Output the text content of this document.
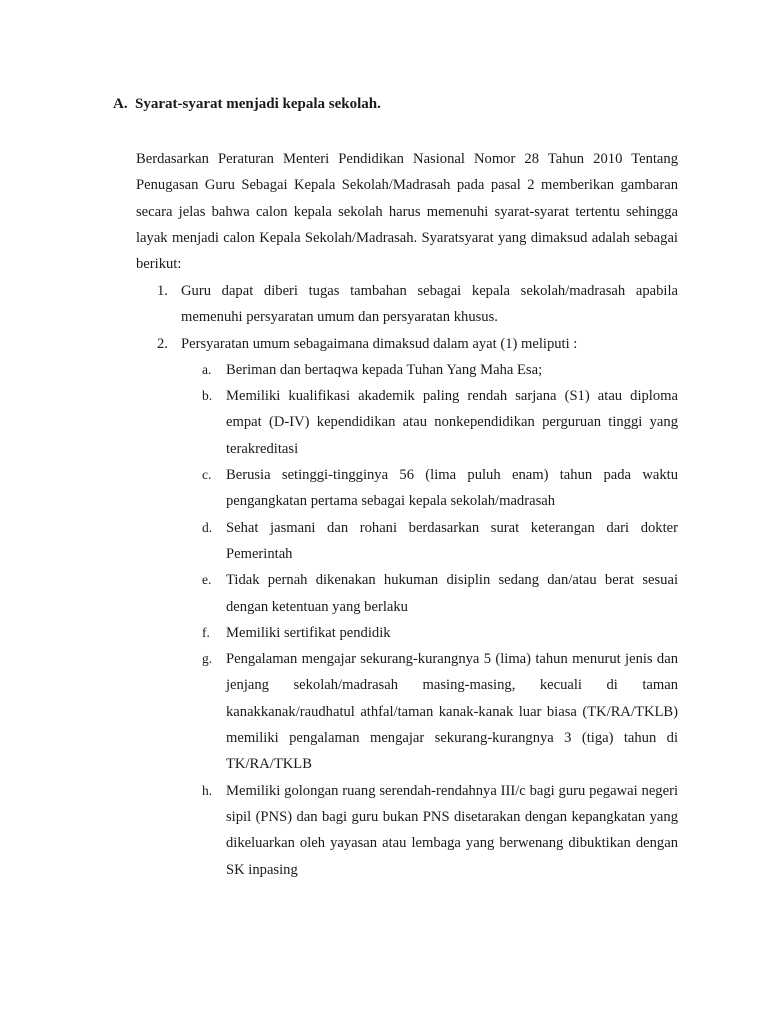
A. Syarat-syarat menjadi kepala sekolah.
Berdasarkan Peraturan Menteri Pendidikan Nasional Nomor 28 Tahun 2010 Tentang Penugasan Guru Sebagai Kepala Sekolah/Madrasah pada pasal 2 memberikan gambaran secara jelas bahwa calon kepala sekolah harus memenuhi syarat-syarat tertentu sehingga layak menjadi calon Kepala Sekolah/Madrasah. Syaratsyarat yang dimaksud adalah sebagai berikut:
1. Guru dapat diberi tugas tambahan sebagai kepala sekolah/madrasah apabila memenuhi persyaratan umum dan persyaratan khusus.
2. Persyaratan umum sebagaimana dimaksud dalam ayat (1) meliputi :
a. Beriman dan bertaqwa kepada Tuhan Yang Maha Esa;
b. Memiliki kualifikasi akademik paling rendah sarjana (S1) atau diploma empat (D-IV) kependidikan atau nonkependidikan perguruan tinggi yang terakreditasi
c. Berusia setinggi-tingginya 56 (lima puluh enam) tahun pada waktu pengangkatan pertama sebagai kepala sekolah/madrasah
d. Sehat jasmani dan rohani berdasarkan surat keterangan dari dokter Pemerintah
e. Tidak pernah dikenakan hukuman disiplin sedang dan/atau berat sesuai dengan ketentuan yang berlaku
f. Memiliki sertifikat pendidik
g. Pengalaman mengajar sekurang-kurangnya 5 (lima) tahun menurut jenis dan jenjang sekolah/madrasah masing-masing, kecuali di taman kanakkanak/raudhatul athfal/taman kanak-kanak luar biasa (TK/RA/TKLB) memiliki pengalaman mengajar sekurang-kurangnya 3 (tiga) tahun di TK/RA/TKLB
h. Memiliki golongan ruang serendah-rendahnya III/c bagi guru pegawai negeri sipil (PNS) dan bagi guru bukan PNS disetarakan dengan kepangkatan yang dikeluarkan oleh yayasan atau lembaga yang berwenang dibuktikan dengan SK inpasing
